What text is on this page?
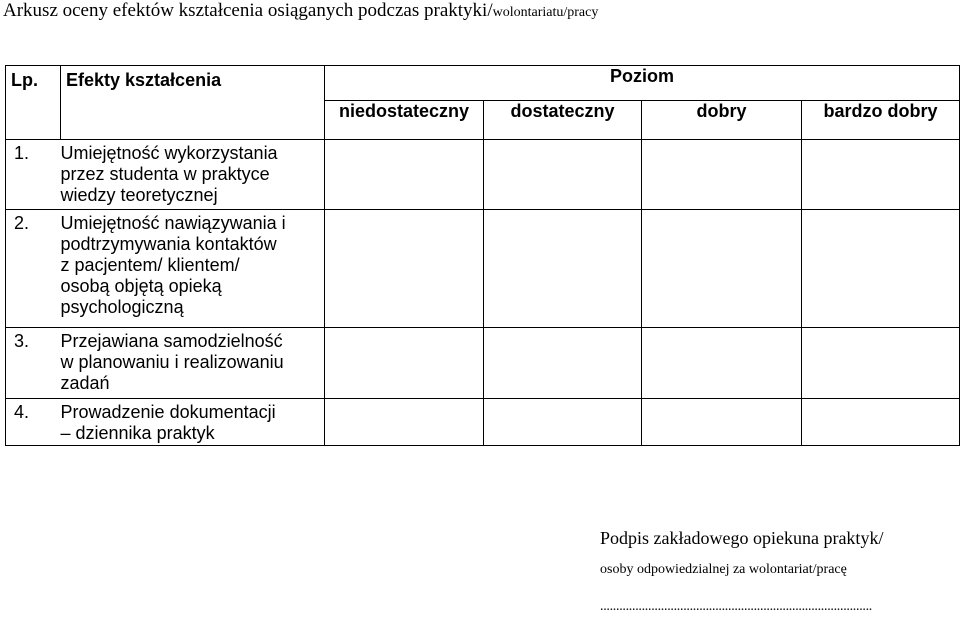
Arkusz oceny efektów kształcenia osiąganych podczas praktyki/wolontariatu/pracy
Lp.	Efekty kształcenia	Poziom			
		niedostateczny	dostateczny	dobry	bardzo dobry

1.	Umiejętność wykorzystania
przez studenta w praktyce
wiedzy teoretycznej				

2.	Umiejętność nawiązywania i
podtrzymywania kontaktów
z pacjentem/ klientem/
osobą objętą opieką
psychologiczną				

3.	Przejawiana samodzielność
w planowaniu i realizowaniu
zadań				

4.	Prowadzenie dokumentacji
– dziennika praktyk				

Podpis zakładowego opiekuna praktyk/
osoby odpowiedzialnej za wolontariat/pracę
.....................................................................................
